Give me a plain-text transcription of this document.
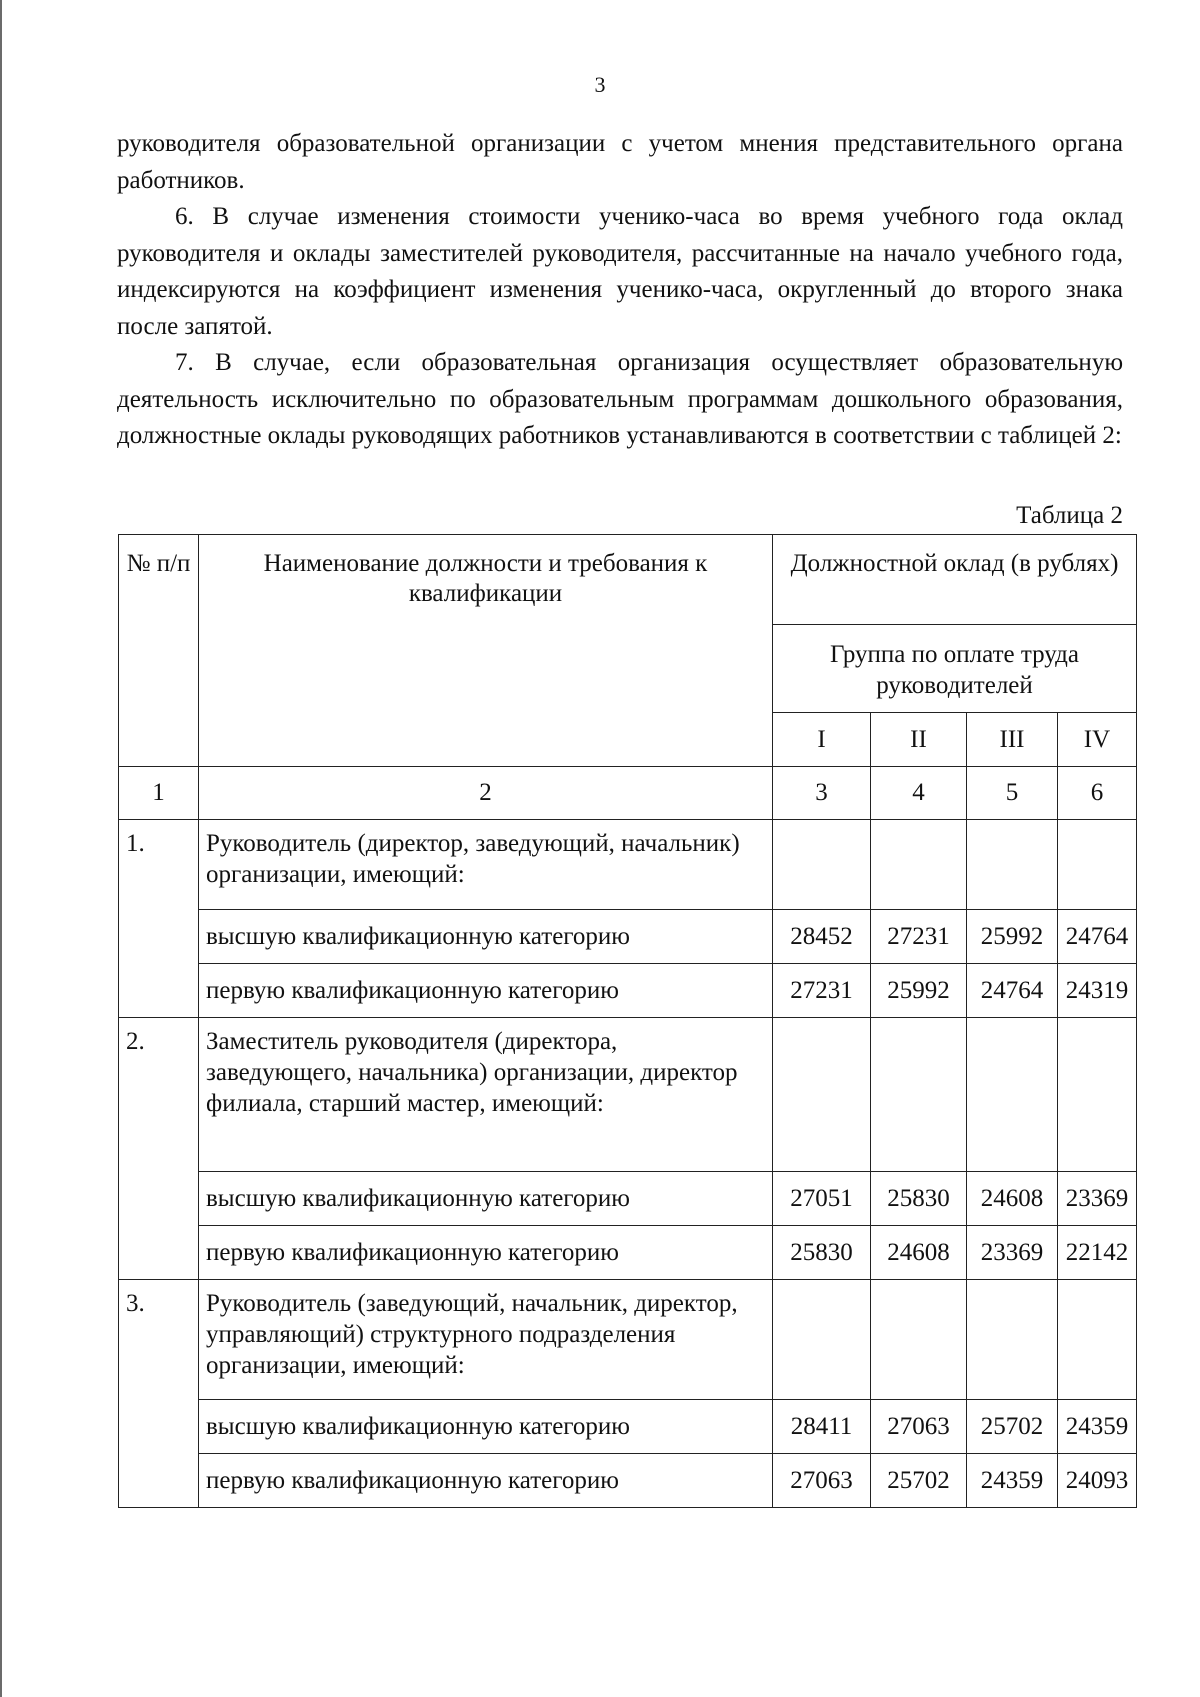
3

руководителя образовательной организации с учетом мнения представительного органа работников.

6. В случае изменения стоимости ученико-часа во время учебного года оклад руководителя и оклады заместителей руководителя, рассчитанные на начало учебного года, индексируются на коэффициент изменения ученико-часа, округленный до второго знака после запятой.

7. В случае, если образовательная организация осуществляет образовательную деятельность исключительно по образовательным программам дошкольного образования, должностные оклады руководящих работников устанавливаются в соответствии с таблицей 2:

Таблица 2
№ п/п	Наименование должности и требования к квалификации	Должностной оклад (в рублях)			
		Группа по оплате труда руководителей			
		I	II	III	IV
1	2	3	4	5	6
1.	Руководитель (директор, заведующий, начальник) организации, имеющий:				
	высшую квалификационную категорию	28452	27231	25992	24764
	первую квалификационную категорию	27231	25992	24764	24319
2.	Заместитель руководителя (директора, заведующего, начальника) организации, директор филиала, старший мастер, имеющий:				
	высшую квалификационную категорию	27051	25830	24608	23369
	первую квалификационную категорию	25830	24608	23369	22142
3.	Руководитель (заведующий, начальник, директор, управляющий) структурного подразделения организации, имеющий:				
	высшую квалификационную категорию	28411	27063	25702	24359
	первую квалификационную категорию	27063	25702	24359	24093
